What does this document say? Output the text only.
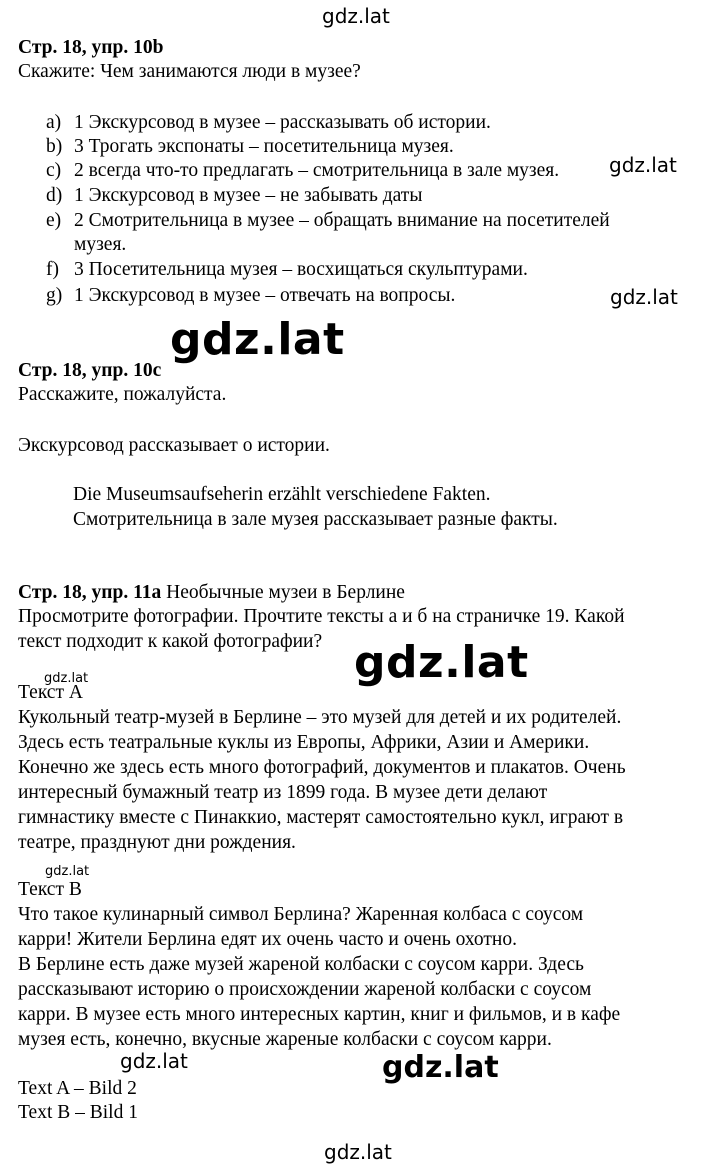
gdz.lat
gdz.lat
gdz.lat
gdz.lat
gdz.lat
gdz.lat
gdz.lat
gdz.lat	gdz.lat
gdz.lat
Стр. 18, упр. 10b
Скажите: Чем занимаются люди в музее?
a) 1 Экскурсовод в музее – рассказывать об истории.
b) 3 Трогать экспонаты – посетительница музея.
c) 2 всегда что-то предлагать – смотрительница в зале музея.
d) 1 Экскурсовод в музее – не забывать даты
e) 2 Смотрительница в музее – обращать внимание на посетителей
музея.
f) 3 Посетительница музея – восхищаться скульптурами.
g) 1 Экскурсовод в музее – отвечать на вопросы.
Стр. 18, упр. 10c
Расскажите, пожалуйста.
Экскурсовод рассказывает о истории.
Die Museumsaufseherin erzählt verschiedene Fakten.
Смотрительница в зале музея рассказывает разные факты.
Стр. 18, упр. 11a Необычные музеи в Берлине
Просмотрите фотографии. Прочтите тексты а и б на страничке 19. Какой
текст подходит к какой фотографии?
Текст А
Кукольный театр-музей в Берлине – это музей для детей и их родителей.
Здесь есть театральные куклы из Европы, Африки, Азии и Америки.
Конечно же здесь есть много фотографий, документов и плакатов. Очень
интересный бумажный театр из 1899 года. В музее дети делают
гимнастику вместе с Пинаккио, мастерят самостоятельно кукл, играют в
театре, празднуют дни рождения.
Текст В
Что такое кулинарный символ Берлина? Жаренная колбаса с соусом
карри! Жители Берлина едят их очень часто и очень охотно.
В Берлине есть даже музей жареной колбаски с соусом карри. Здесь
рассказывают историю о происхождении жареной колбаски с соусом
карри. В музее есть много интересных картин, книг и фильмов, и в кафе
музея есть, конечно, вкусные жареные колбаски с соусом карри.
Text A – Bild 2
Text B – Bild 1
